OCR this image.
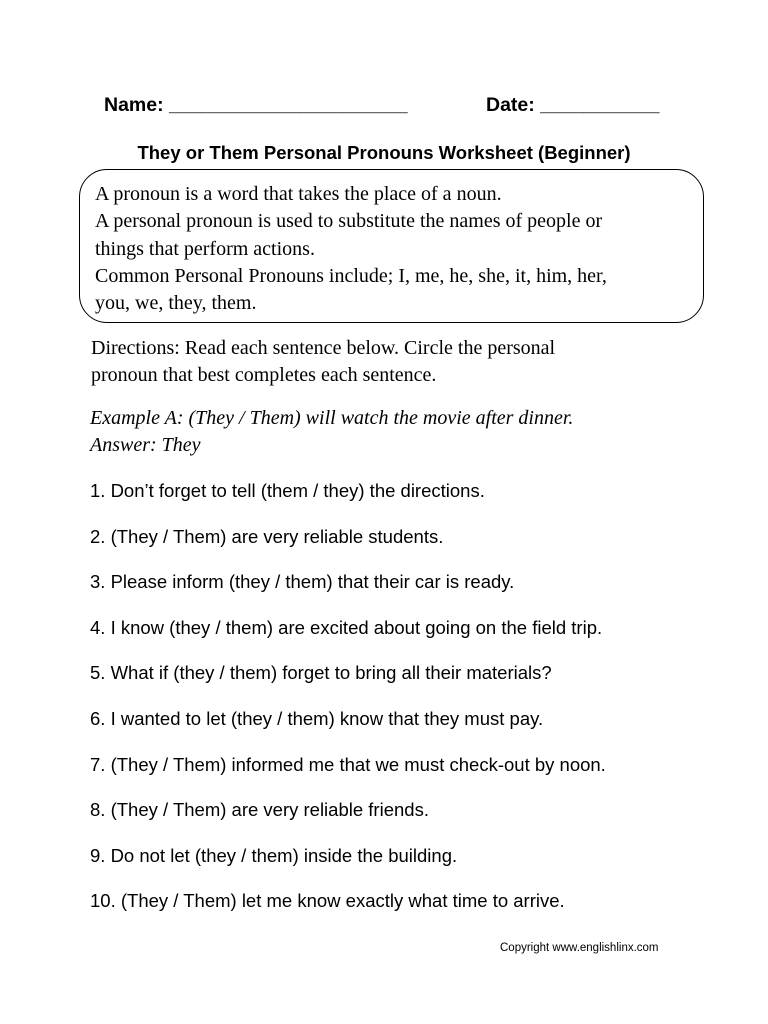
Name: ______________________	Date: ___________
They or Them Personal Pronouns Worksheet (Beginner)
A pronoun is a word that takes the place of a noun.
A personal pronoun is used to substitute the names of people or
things that perform actions.
Common Personal Pronouns include; I, me, he, she, it, him, her,
you, we, they, them.
Directions: Read each sentence below. Circle the personal
pronoun that best completes each sentence.
Example A: (They / Them) will watch the movie after dinner.
Answer: They
1. Don’t forget to tell (them / they) the directions.
2. (They / Them) are very reliable students.
3. Please inform (they / them) that their car is ready.
4. I know (they / them) are excited about going on the field trip.
5. What if (they / them) forget to bring all their materials?
6. I wanted to let (they / them) know that they must pay.
7. (They / Them) informed me that we must check-out by noon.
8. (They / Them) are very reliable friends.
9. Do not let (they / them) inside the building.
10. (They / Them) let me know exactly what time to arrive.
Copyright www.englishlinx.com
